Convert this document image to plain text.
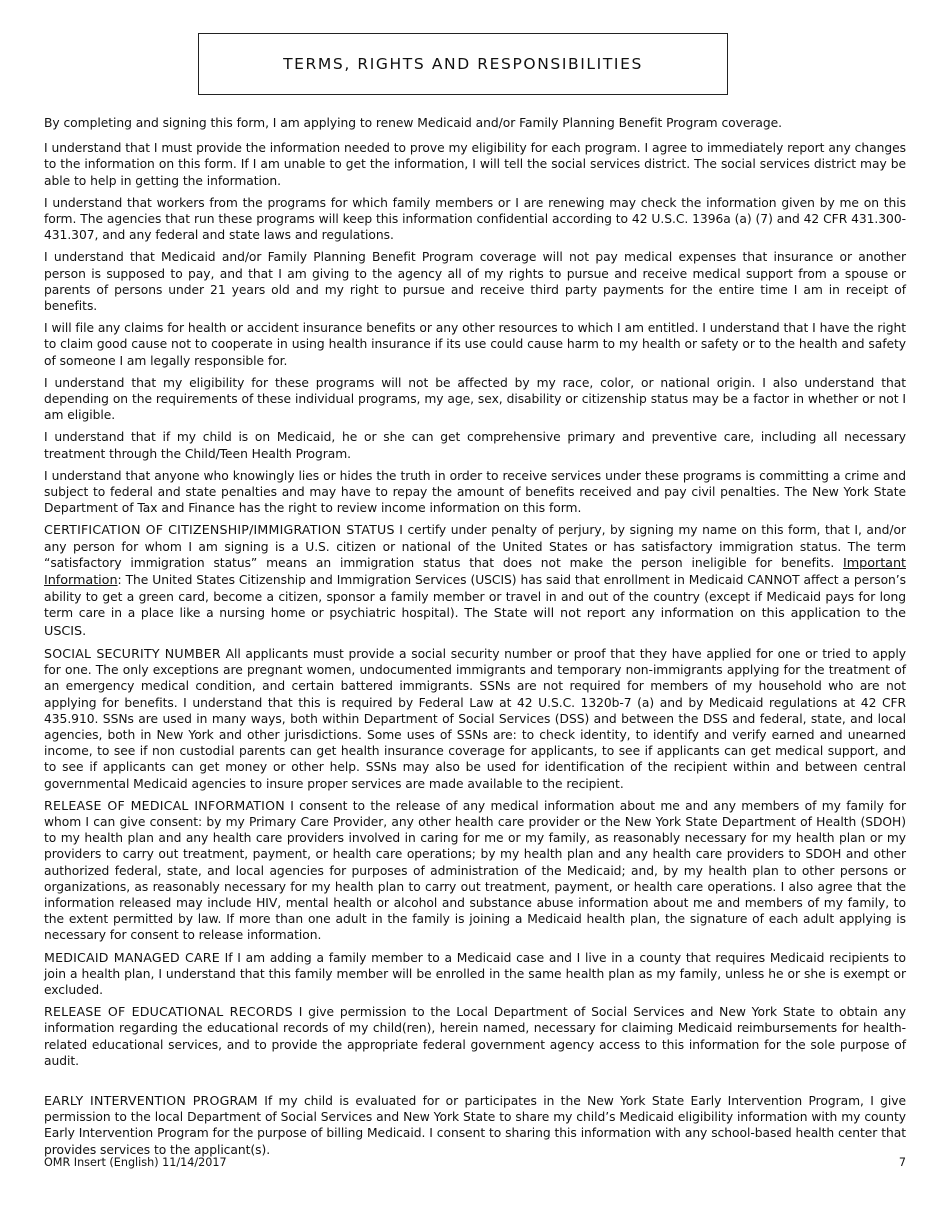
TERMS, RIGHTS AND RESPONSIBILITIES

By completing and signing this form, I am applying to renew Medicaid and/or Family Planning Benefit Program coverage.

I understand that I must provide the information needed to prove my eligibility for each program. I agree to immediately report any changes to the information on this form. If I am unable to get the information, I will tell the social services district. The social services district may be able to help in getting the information.

I understand that workers from the programs for which family members or I are renewing may check the information given by me on this form. The agencies that run these programs will keep this information confidential according to 42 U.S.C. 1396a (a) (7) and 42 CFR 431.300-431.307, and any federal and state laws and regulations.

I understand that Medicaid and/or Family Planning Benefit Program coverage will not pay medical expenses that insurance or another person is supposed to pay, and that I am giving to the agency all of my rights to pursue and receive medical support from a spouse or parents of persons under 21 years old and my right to pursue and receive third party payments for the entire time I am in receipt of benefits.

I will file any claims for health or accident insurance benefits or any other resources to which I am entitled. I understand that I have the right to claim good cause not to cooperate in using health insurance if its use could cause harm to my health or safety or to the health and safety of someone I am legally responsible for.

I understand that my eligibility for these programs will not be affected by my race, color, or national origin. I also understand that depending on the requirements of these individual programs, my age, sex, disability or citizenship status may be a factor in whether or not I am eligible.

I understand that if my child is on Medicaid, he or she can get comprehensive primary and preventive care, including all necessary treatment through the Child/Teen Health Program.

I understand that anyone who knowingly lies or hides the truth in order to receive services under these programs is committing a crime and subject to federal and state penalties and may have to repay the amount of benefits received and pay civil penalties. The New York State Department of Tax and Finance has the right to review income information on this form.

CERTIFICATION OF CITIZENSHIP/IMMIGRATION STATUS I certify under penalty of perjury, by signing my name on this form, that I, and/or any person for whom I am signing is a U.S. citizen or national of the United States or has satisfactory immigration status. The term “satisfactory immigration status” means an immigration status that does not make the person ineligible for benefits. Important Information: The United States Citizenship and Immigration Services (USCIS) has said that enrollment in Medicaid CANNOT affect a person’s ability to get a green card, become a citizen, sponsor a family member or travel in and out of the country (except if Medicaid pays for long term care in a place like a nursing home or psychiatric hospital). The State will not report any information on this application to the USCIS.

SOCIAL SECURITY NUMBER All applicants must provide a social security number or proof that they have applied for one or tried to apply for one. The only exceptions are pregnant women, undocumented immigrants and temporary non-immigrants applying for the treatment of an emergency medical condition, and certain battered immigrants. SSNs are not required for members of my household who are not applying for benefits. I understand that this is required by Federal Law at 42 U.S.C. 1320b-7 (a) and by Medicaid regulations at 42 CFR 435.910. SSNs are used in many ways, both within Department of Social Services (DSS) and between the DSS and federal, state, and local agencies, both in New York and other jurisdictions. Some uses of SSNs are: to check identity, to identify and verify earned and unearned income, to see if non custodial parents can get health insurance coverage for applicants, to see if applicants can get medical support, and to see if applicants can get money or other help. SSNs may also be used for identification of the recipient within and between central governmental Medicaid agencies to insure proper services are made available to the recipient.

RELEASE OF MEDICAL INFORMATION I consent to the release of any medical information about me and any members of my family for whom I can give consent: by my Primary Care Provider, any other health care provider or the New York State Department of Health (SDOH) to my health plan and any health care providers involved in caring for me or my family, as reasonably necessary for my health plan or my providers to carry out treatment, payment, or health care operations; by my health plan and any health care providers to SDOH and other authorized federal, state, and local agencies for purposes of administration of the Medicaid; and, by my health plan to other persons or organizations, as reasonably necessary for my health plan to carry out treatment, payment, or health care operations. I also agree that the information released may include HIV, mental health or alcohol and substance abuse information about me and members of my family, to the extent permitted by law. If more than one adult in the family is joining a Medicaid health plan, the signature of each adult applying is necessary for consent to release information.

MEDICAID MANAGED CARE If I am adding a family member to a Medicaid case and I live in a county that requires Medicaid recipients to join a health plan, I understand that this family member will be enrolled in the same health plan as my family, unless he or she is exempt or excluded.

RELEASE OF EDUCATIONAL RECORDS I give permission to the Local Department of Social Services and New York State to obtain any information regarding the educational records of my child(ren), herein named, necessary for claiming Medicaid reimbursements for health-related educational services, and to provide the appropriate federal government agency access to this information for the sole purpose of audit.

EARLY INTERVENTION PROGRAM If my child is evaluated for or participates in the New York State Early Intervention Program, I give permission to the local Department of Social Services and New York State to share my child’s Medicaid eligibility information with my county Early Intervention Program for the purpose of billing Medicaid. I consent to sharing this information with any school-based health center that provides services to the applicant(s).

OMR Insert (English) 11/14/2017	7
